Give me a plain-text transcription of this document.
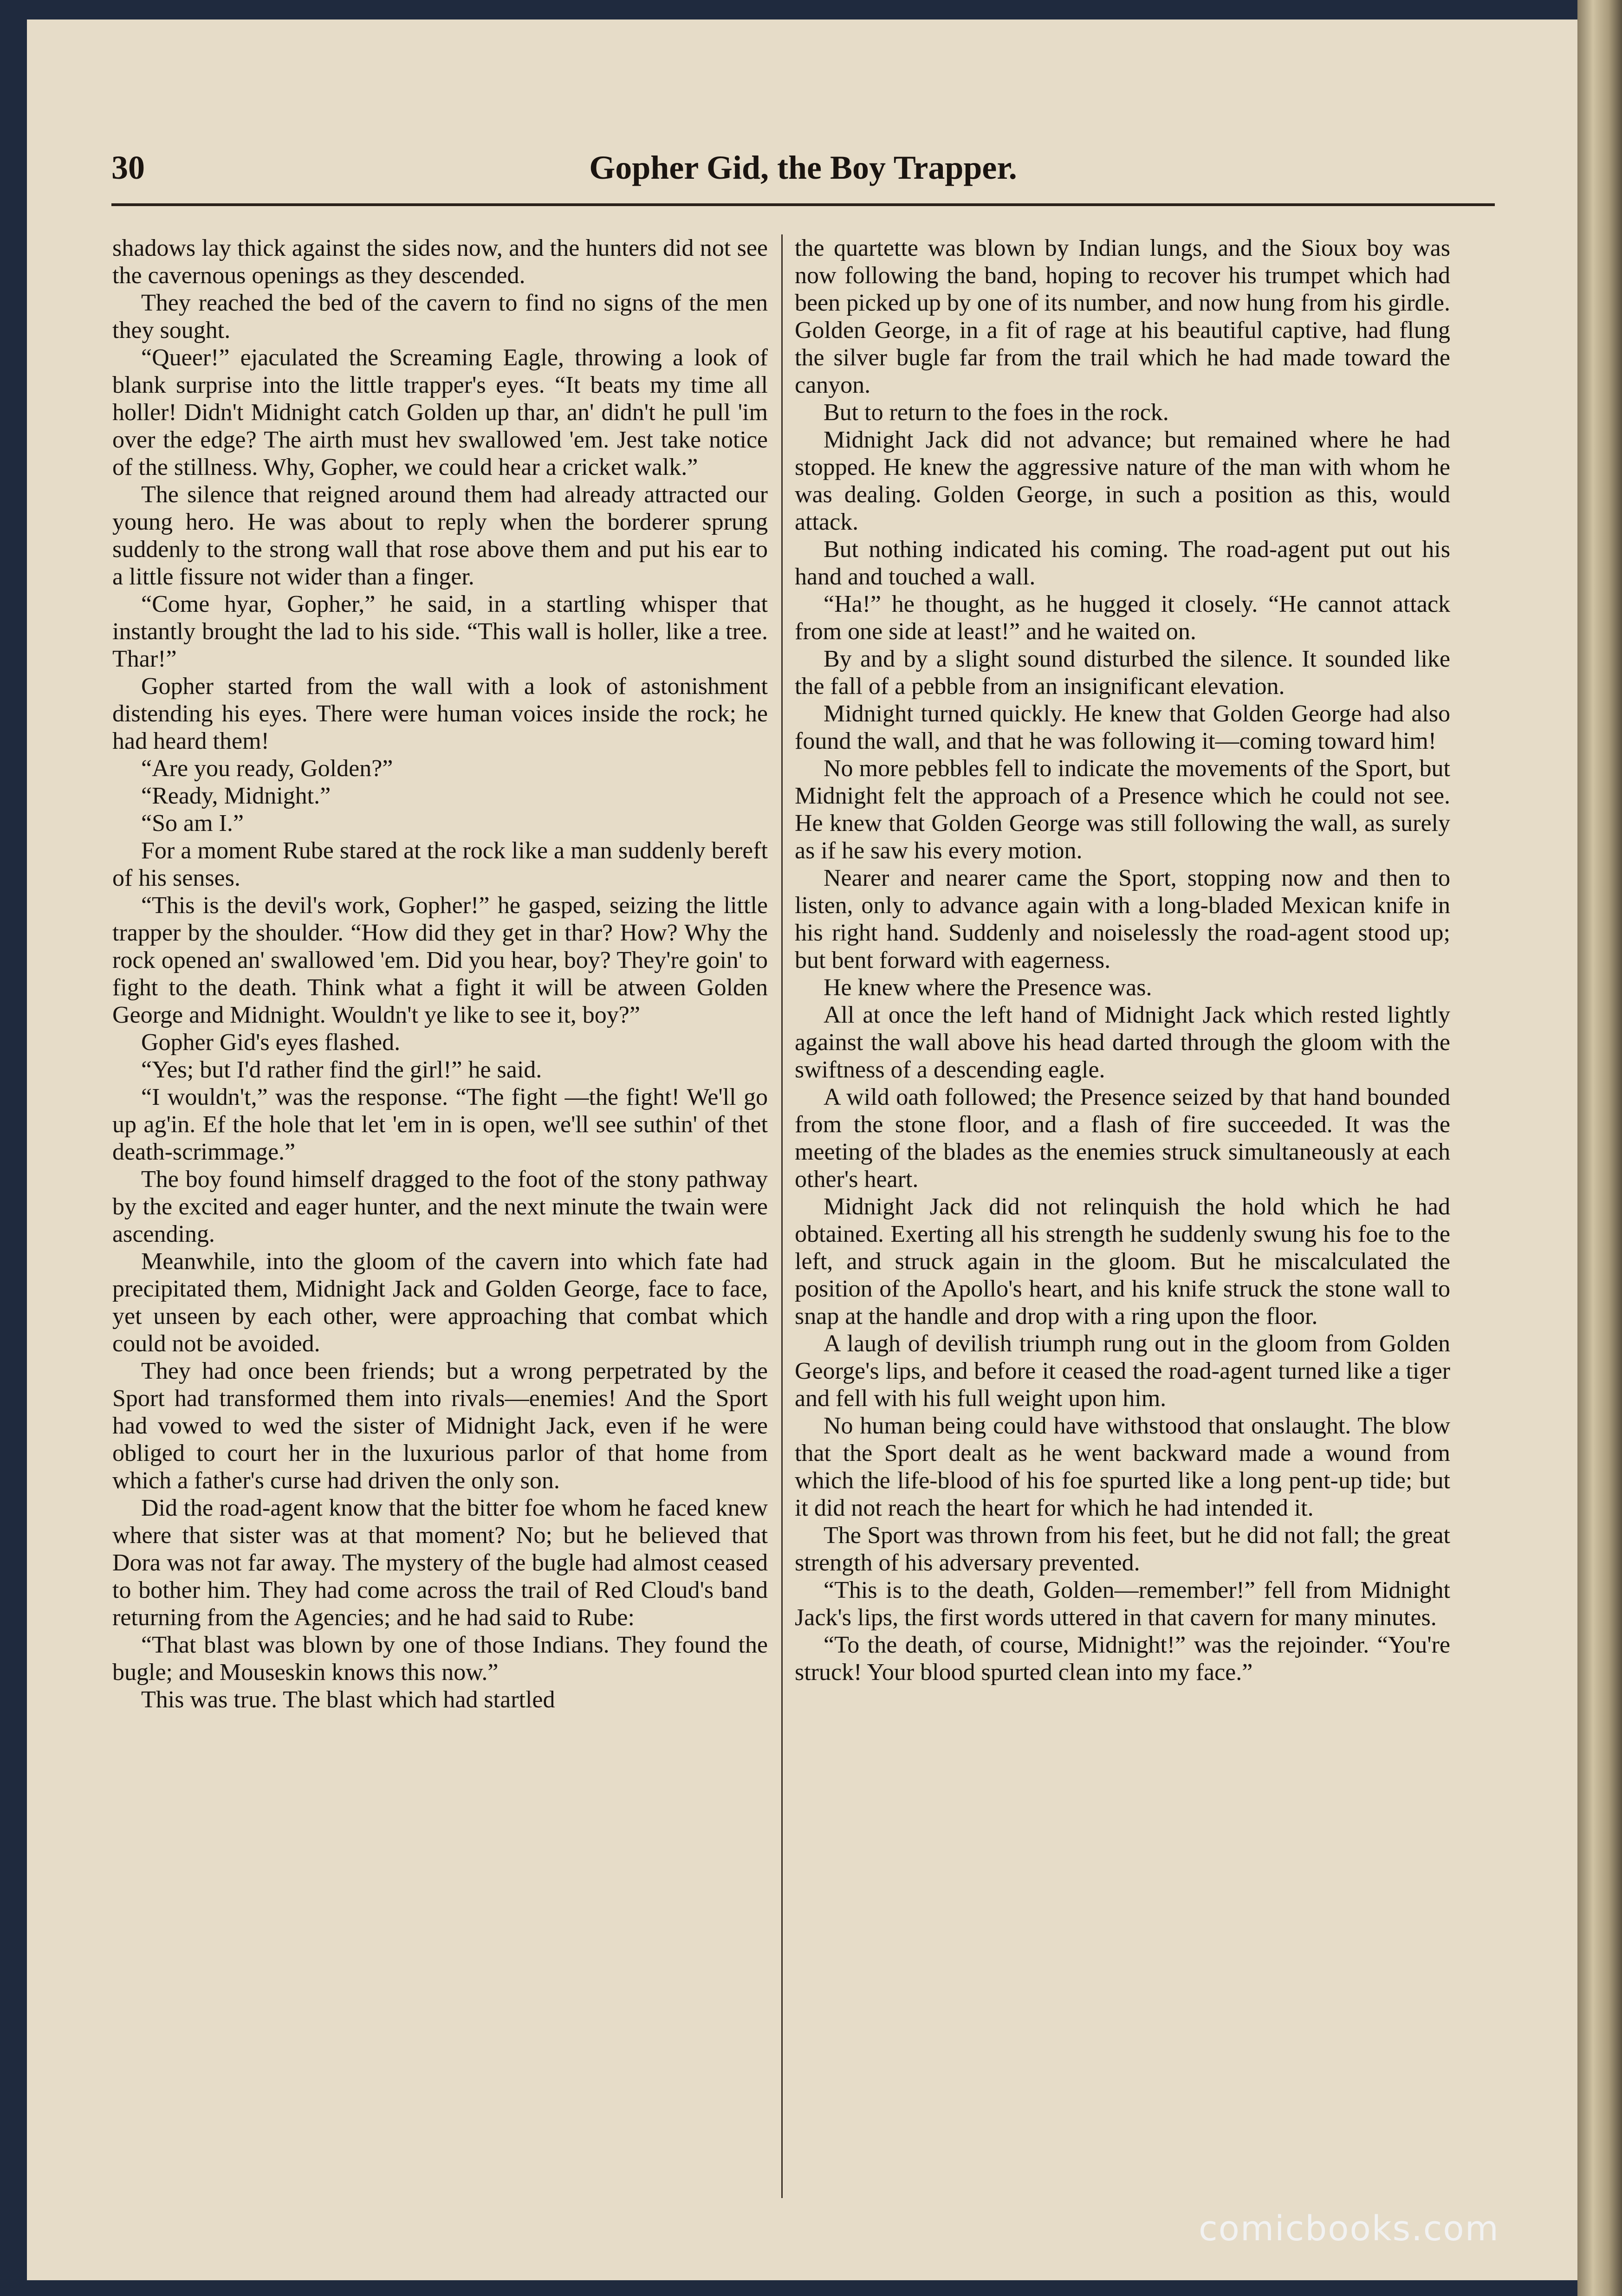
30	Gopher Gid, the Boy Trapper.

shadows lay thick against the sides now, and the hunters did not see the cavernous openings as they descended.

They reached the bed of the cavern to find no signs of the men they sought.

“Queer!” ejaculated the Screaming Eagle, throwing a look of blank surprise into the little trapper's eyes. “It beats my time all holler! Didn't Midnight catch Golden up thar, an' didn't he pull 'im over the edge? The airth must hev swallowed 'em. Jest take notice of the stillness. Why, Gopher, we could hear a cricket walk.”

The silence that reigned around them had already attracted our young hero. He was about to reply when the borderer sprung suddenly to the strong wall that rose above them and put his ear to a little fissure not wider than a finger.

“Come hyar, Gopher,” he said, in a startling whisper that instantly brought the lad to his side. “This wall is holler, like a tree. Thar!”

Gopher started from the wall with a look of astonishment distending his eyes. There were human voices inside the rock; he had heard them!

“Are you ready, Golden?”

“Ready, Midnight.”

“So am I.”

For a moment Rube stared at the rock like a man suddenly bereft of his senses.

“This is the devil's work, Gopher!” he gasped, seizing the little trapper by the shoulder. “How did they get in thar? How? Why the rock opened an' swallowed 'em. Did you hear, boy? They're goin' to fight to the death. Think what a fight it will be atween Golden George and Midnight. Wouldn't ye like to see it, boy?”

Gopher Gid's eyes flashed.

“Yes; but I'd rather find the girl!” he said.

“I wouldn't,” was the response. “The fight —the fight! We'll go up ag'in. Ef the hole that let 'em in is open, we'll see suthin' of thet death-scrimmage.”

The boy found himself dragged to the foot of the stony pathway by the excited and eager hunter, and the next minute the twain were ascending.

Meanwhile, into the gloom of the cavern into which fate had precipitated them, Midnight Jack and Golden George, face to face, yet unseen by each other, were approaching that combat which could not be avoided.

They had once been friends; but a wrong perpetrated by the Sport had transformed them into rivals—enemies! And the Sport had vowed to wed the sister of Midnight Jack, even if he were obliged to court her in the luxurious parlor of that home from which a father's curse had driven the only son.

Did the road-agent know that the bitter foe whom he faced knew where that sister was at that moment? No; but he believed that Dora was not far away. The mystery of the bugle had almost ceased to bother him. They had come across the trail of Red Cloud's band returning from the Agencies; and he had said to Rube:

“That blast was blown by one of those Indians. They found the bugle; and Mouseskin knows this now.”

This was true. The blast which had startled

the quartette was blown by Indian lungs, and the Sioux boy was now following the band, hoping to recover his trumpet which had been picked up by one of its number, and now hung from his girdle. Golden George, in a fit of rage at his beautiful captive, had flung the silver bugle far from the trail which he had made toward the canyon.

But to return to the foes in the rock.

Midnight Jack did not advance; but remained where he had stopped. He knew the aggressive nature of the man with whom he was dealing. Golden George, in such a position as this, would attack.

But nothing indicated his coming. The road-agent put out his hand and touched a wall.

“Ha!” he thought, as he hugged it closely. “He cannot attack from one side at least!” and he waited on.

By and by a slight sound disturbed the silence. It sounded like the fall of a pebble from an insignificant elevation.

Midnight turned quickly. He knew that Golden George had also found the wall, and that he was following it—coming toward him!

No more pebbles fell to indicate the movements of the Sport, but Midnight felt the approach of a Presence which he could not see. He knew that Golden George was still following the wall, as surely as if he saw his every motion.

Nearer and nearer came the Sport, stopping now and then to listen, only to advance again with a long-bladed Mexican knife in his right hand. Suddenly and noiselessly the road-agent stood up; but bent forward with eagerness.

He knew where the Presence was.

All at once the left hand of Midnight Jack which rested lightly against the wall above his head darted through the gloom with the swiftness of a descending eagle.

A wild oath followed; the Presence seized by that hand bounded from the stone floor, and a flash of fire succeeded. It was the meeting of the blades as the enemies struck simultaneously at each other's heart.

Midnight Jack did not relinquish the hold which he had obtained. Exerting all his strength he suddenly swung his foe to the left, and struck again in the gloom. But he miscalculated the position of the Apollo's heart, and his knife struck the stone wall to snap at the handle and drop with a ring upon the floor.

A laugh of devilish triumph rung out in the gloom from Golden George's lips, and before it ceased the road-agent turned like a tiger and fell with his full weight upon him.

No human being could have withstood that onslaught. The blow that the Sport dealt as he went backward made a wound from which the life-blood of his foe spurted like a long pent-up tide; but it did not reach the heart for which he had intended it.

The Sport was thrown from his feet, but he did not fall; the great strength of his adversary prevented.

“This is to the death, Golden—remember!” fell from Midnight Jack's lips, the first words uttered in that cavern for many minutes.

“To the death, of course, Midnight!” was the rejoinder. “You're struck! Your blood spurted clean into my face.”

comicbooks.com
